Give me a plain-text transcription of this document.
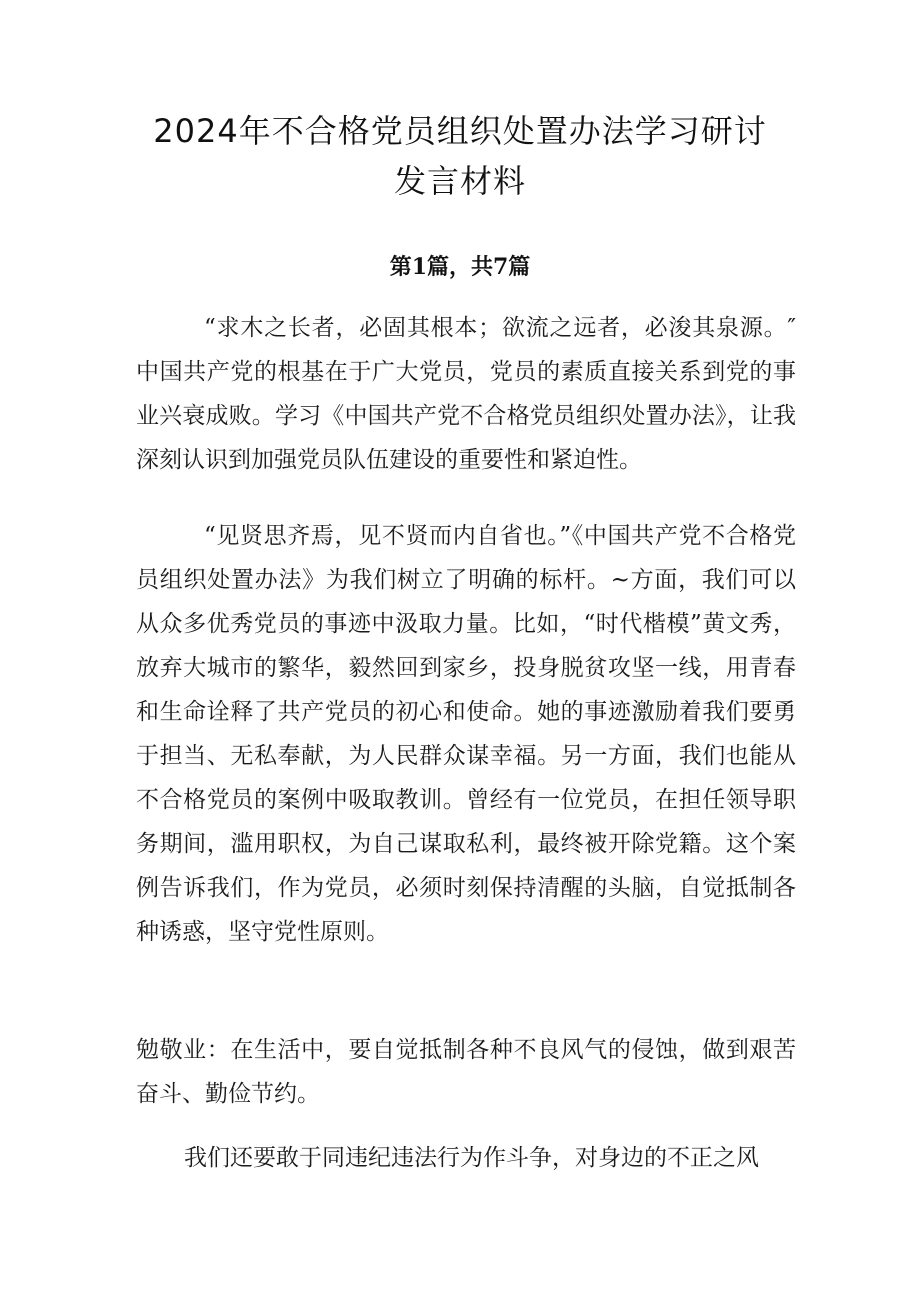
2024年不合格党员组织处置办法学习研讨
发言材料
第1篇，共7篇

“求木之长者，必固其根本；欲流之远者，必浚其泉源。″中国共产党的根基在于广大党员，党员的素质直接关系到党的事业兴衰成败。学习《中国共产党不合格党员组织处置办法》，让我深刻认识到加强党员队伍建设的重要性和紧迫性。

“见贤思齐焉，见不贤而内自省也。”《中国共产党不合格党员组织处置办法》为我们树立了明确的标杆。~方面，我们可以从众多优秀党员的事迹中汲取力量。比如，“时代楷模”黄文秀，放弃大城市的繁华，毅然回到家乡，投身脱贫攻坚一线，用青春和生命诠释了共产党员的初心和使命。她的事迹激励着我们要勇于担当、无私奉献，为人民群众谋幸福。另一方面，我们也能从不合格党员的案例中吸取教训。曾经有一位党员，在担任领导职务期间，滥用职权，为自己谋取私利，最终被开除党籍。这个案例告诉我们，作为党员，必须时刻保持清醒的头脑，自觉抵制各种诱惑，坚守党性原则。

勉敬业：在生活中，要自觉抵制各种不良风气的侵蚀，做到艰苦奋斗、勤俭节约。

我们还要敢于同违纪违法行为作斗争，对身边的不正之风
